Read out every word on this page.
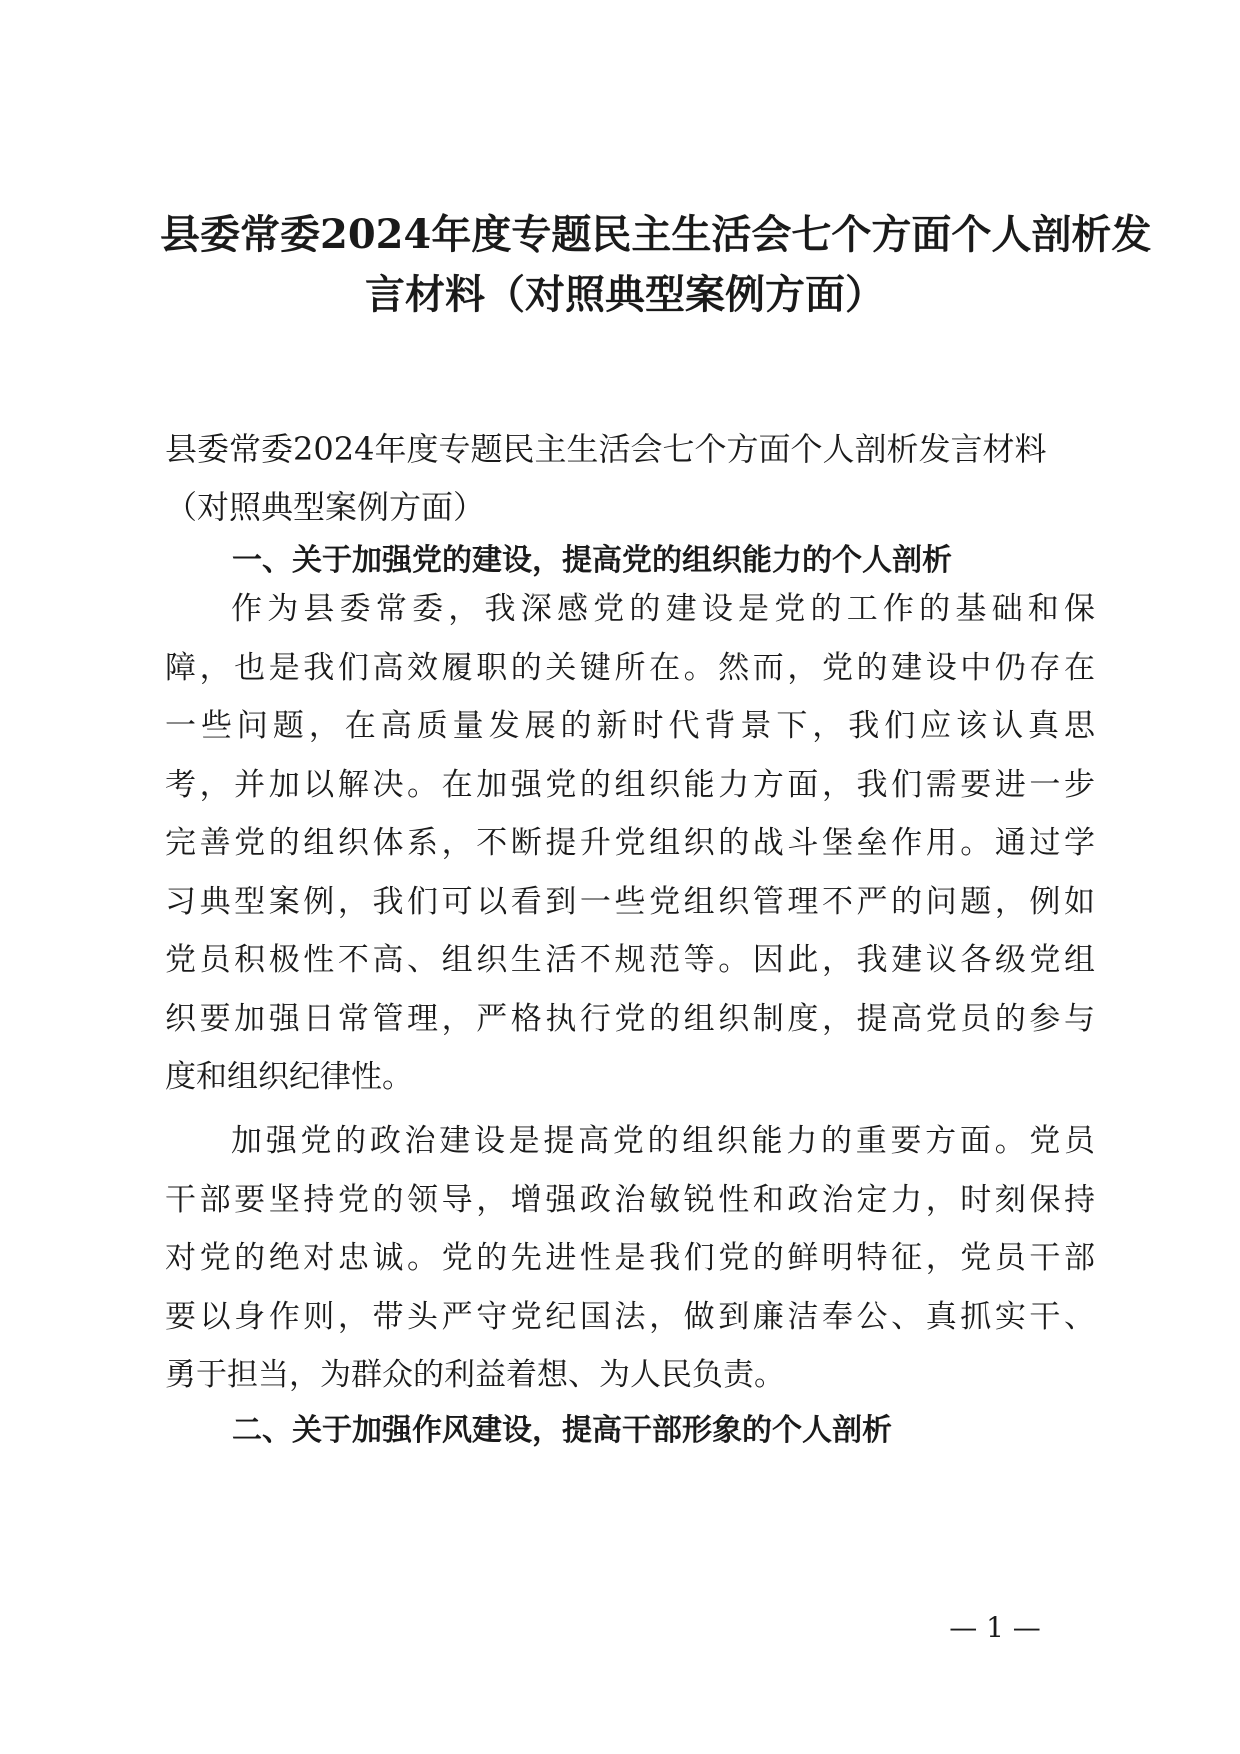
县委常委2024年度专题民主生活会七个方面个人剖析发
言材料（对照典型案例方面）

县委常委2024年度专题民主生活会七个方面个人剖析发言材料
（对照典型案例方面）

一、关于加强党的建设，提高党的组织能力的个人剖析
作为县委常委，我深感党的建设是党的工作的基础和保
障，也是我们高效履职的关键所在。然而，党的建设中仍存在
一些问题，在高质量发展的新时代背景下，我们应该认真思
考，并加以解决。在加强党的组织能力方面，我们需要进一步
完善党的组织体系，不断提升党组织的战斗堡垒作用。通过学
习典型案例，我们可以看到一些党组织管理不严的问题，例如
党员积极性不高、组织生活不规范等。因此，我建议各级党组
织要加强日常管理，严格执行党的组织制度，提高党员的参与
度和组织纪律性。
加强党的政治建设是提高党的组织能力的重要方面。党员
干部要坚持党的领导，增强政治敏锐性和政治定力，时刻保持
对党的绝对忠诚。党的先进性是我们党的鲜明特征，党员干部
要以身作则，带头严守党纪国法，做到廉洁奉公、真抓实干、
勇于担当，为群众的利益着想、为人民负责。
二、关于加强作风建设，提高干部形象的个人剖析
— 1 —
